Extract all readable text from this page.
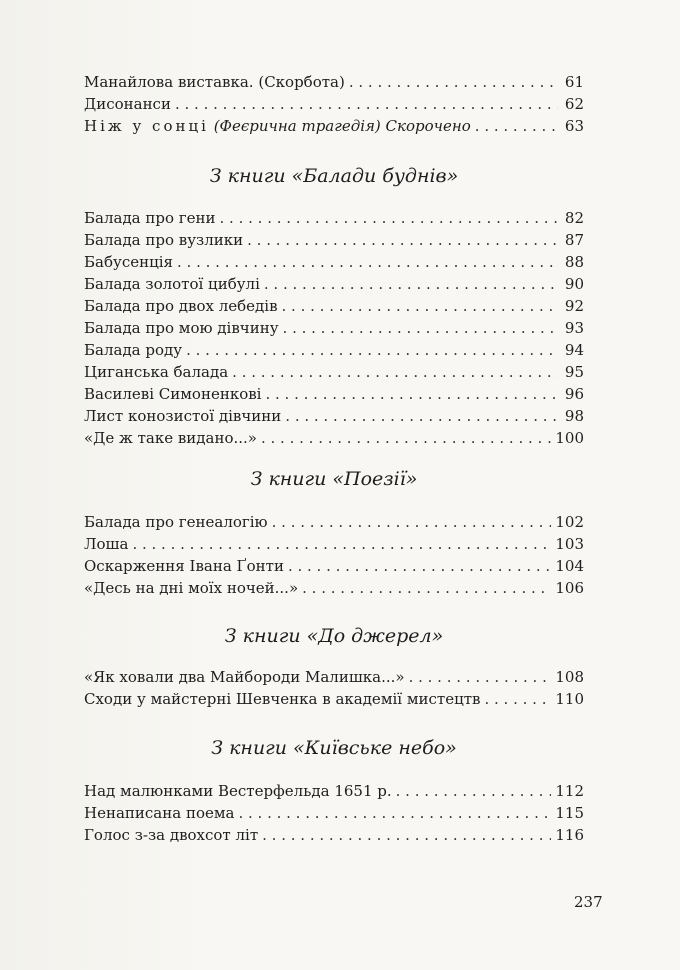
Манайлова виставка. (Скорбота) . . .	61
Дисонанси . . .	62
Ніж у сонці (Феєрична трагедія) Скорочено . . .	63

З книги «Балади буднів»

Балада про гени . . .	82
Балада про вузлики . . .	87
Бабусенція . . .	88
Балада золотої цибулі . . .	90
Балада про двох лебедів . . .	92
Балада про мою дівчину . . .	93
Балада роду . . .	94
Циганська балада . . .	95
Василеві Симоненкові . . .	96
Лист конозистої дівчини . . .	98
«Де ж таке видано...» . . .	100

З книги «Поезії»

Балада про генеалогію . . .	102
Лоша . . .	103
Оскарження Івана Ґонти . . .	104
«Десь на дні моїх ночей...» . . .	106

З книги «До джерел»

«Як ховали два Майбороди Малишка...» . . .	108
Сходи у майстерні Шевченка в академії мистецтв . . .	110

З книги «Київське небо»

Над малюнками Вестерфельда 1651 р. . . .	112
Ненаписана поема . . .	115
Голос з-за двохсот літ . . .	116
237
